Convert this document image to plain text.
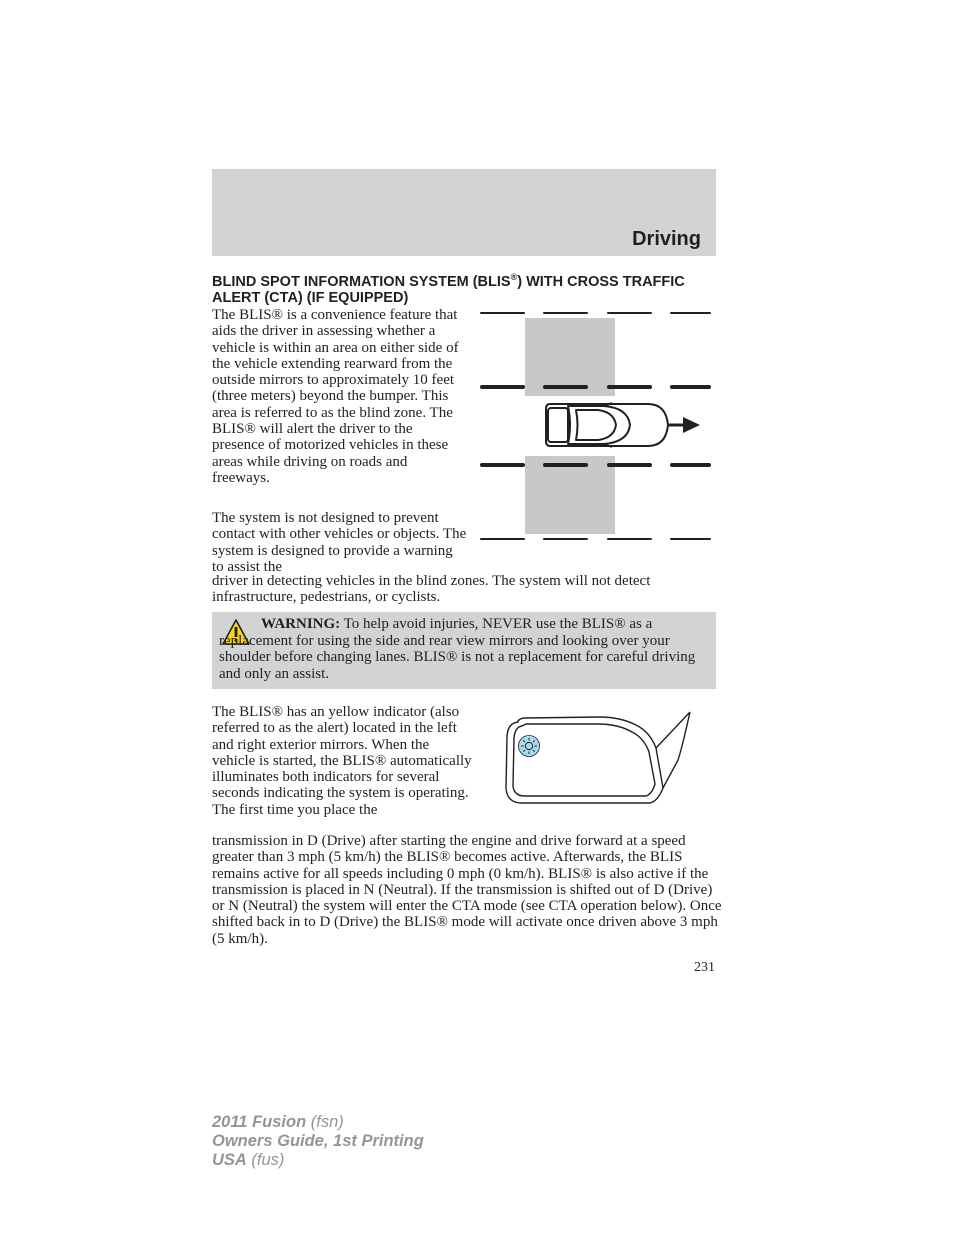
Driving
BLIND SPOT INFORMATION SYSTEM (BLIS®) WITH CROSS TRAFFIC ALERT (CTA) (IF EQUIPPED)

The BLIS® is a convenience feature that aids the driver in assessing whether a vehicle is within an area on either side of the vehicle extending rearward from the outside mirrors to approximately 10 feet (three meters) beyond the bumper. This area is referred to as the blind zone. The BLIS® will alert the driver to the presence of motorized vehicles in these areas while driving on roads and freeways.

The system is not designed to prevent contact with other vehicles or objects. The system is designed to provide a warning to assist the

driver in detecting vehicles in the blind zones. The system will not detect infrastructure, pedestrians, or cyclists.

WARNING: To help avoid injuries, NEVER use the BLIS® as a replacement for using the side and rear view mirrors and looking over your shoulder before changing lanes. BLIS® is not a replacement for careful driving and only an assist.

The BLIS® has an yellow indicator (also referred to as the alert) located in the left and right exterior mirrors. When the vehicle is started, the BLIS® automatically illuminates both indicators for several seconds indicating the system is operating. The first time you place the

transmission in D (Drive) after starting the engine and drive forward at a speed greater than 3 mph (5 km/h) the BLIS® becomes active. Afterwards, the BLIS remains active for all speeds including 0 mph (0 km/h). BLIS® is also active if the transmission is placed in N (Neutral). If the transmission is shifted out of D (Drive) or N (Neutral) the system will enter the CTA mode (see CTA operation below). Once shifted back in to D (Drive) the BLIS® mode will activate once driven above 3 mph (5 km/h).

231

2011 Fusion (fsn)
Owners Guide, 1st Printing
USA (fus)
